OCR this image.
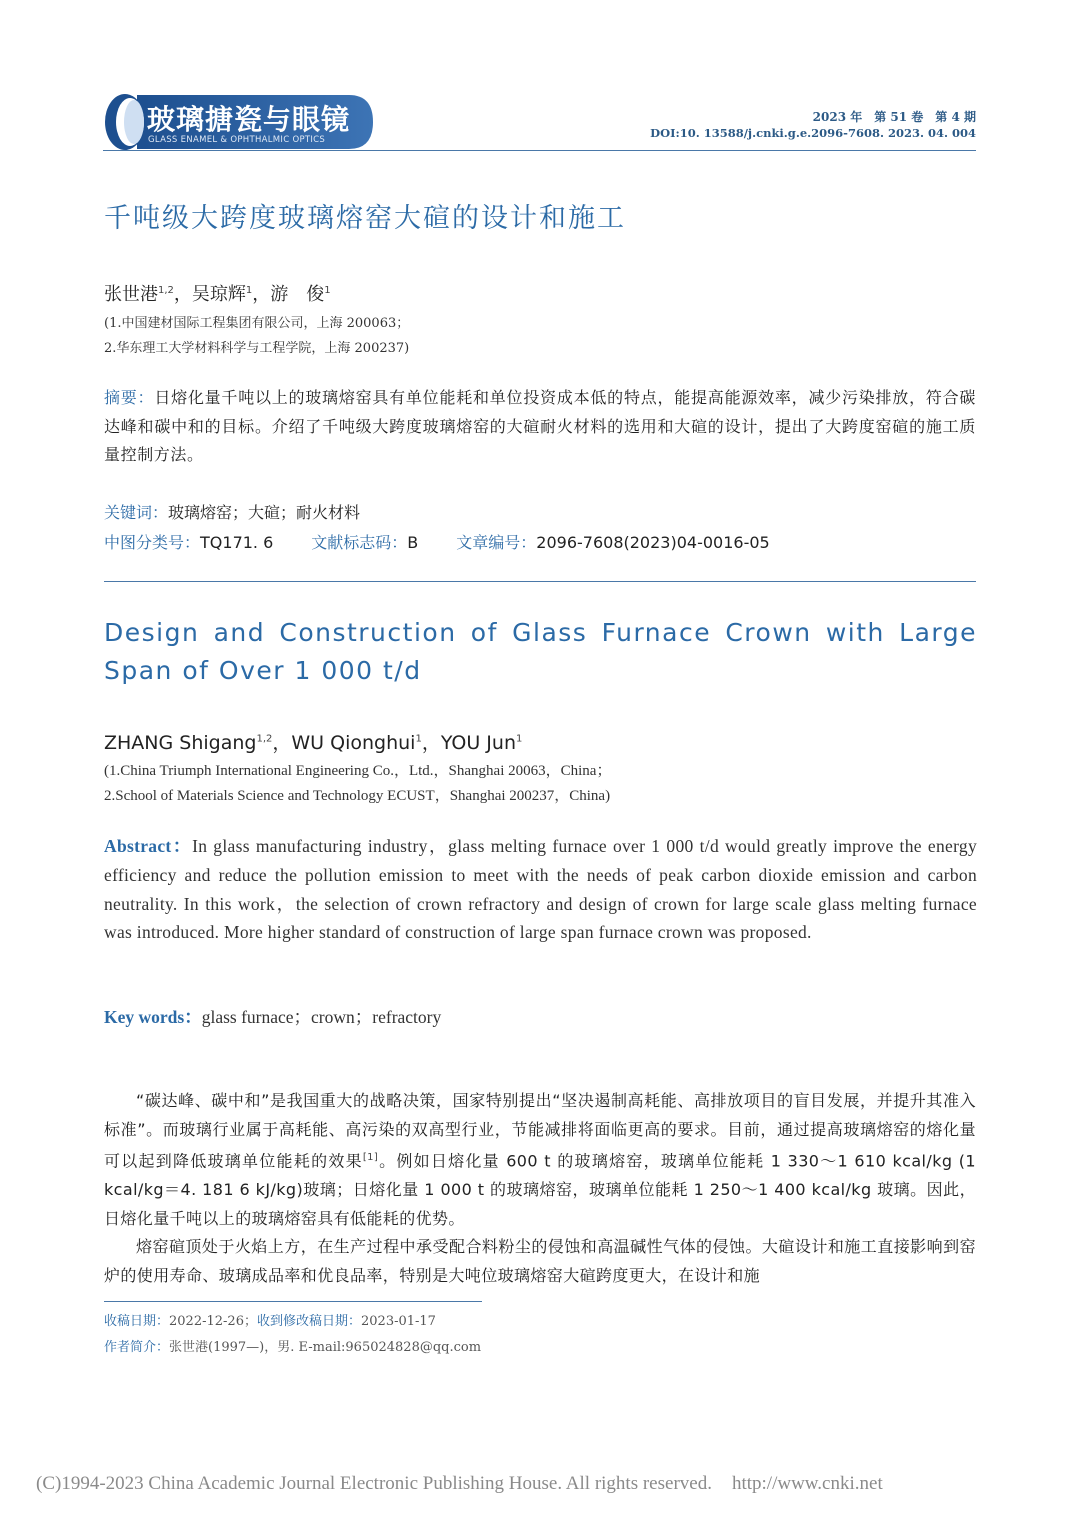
玻璃搪瓷与眼镜
GLASS ENAMEL & OPHTHALMIC OPTICS
2023 年　第 51 卷　第 4 期
DOI:10. 13588/j.cnki.g.e.2096-7608. 2023. 04. 004
千吨级大跨度玻璃熔窑大碹的设计和施工
张世港$^{1,2}$，吴琼辉$^1$，游　俊$^1$
(1.中国建材国际工程集团有限公司，上海 200063；
2.华东理工大学材料科学与工程学院，上海 200237)
摘要：日熔化量千吨以上的玻璃熔窑具有单位能耗和单位投资成本低的特点，能提高能源效率，减少污染排放，符合碳达峰和碳中和的目标。介绍了千吨级大跨度玻璃熔窑的大碹耐火材料的选用和大碹的设计，提出了大跨度窑碹的施工质量控制方法。
关键词：玻璃熔窑；大碹；耐火材料
中图分类号：TQ171. 6 文献标志码：B 文章编号：2096-7608(2023)04-0016-05
Design and Construction of Glass Furnace Crown with Large Span of Over 1 000 t/d
ZHANG Shigang$^{1,2}$，WU Qionghui$^1$，YOU Jun$^1$
(1.China Triumph International Engineering Co.，Ltd.，Shanghai 20063，China；
2.School of Materials Science and Technology ECUST，Shanghai 200237，China)
Abstract：In glass manufacturing industry，glass melting furnace over 1 000 t/d would greatly improve the energy efficiency and reduce the pollution emission to meet with the needs of peak carbon dioxide emission and carbon neutrality. In this work，the selection of crown refractory and design of crown for large scale glass melting furnace was introduced. More higher standard of construction of large span furnace crown was proposed.
Key words：glass furnace；crown；refractory

“碳达峰、碳中和”是我国重大的战略决策，国家特别提出“坚决遏制高耗能、高排放项目的盲目发展，并提升其准入标准”。而玻璃行业属于高耗能、高污染的双高型行业，节能减排将面临更高的要求。目前，通过提高玻璃熔窑的熔化量可以起到降低玻璃单位能耗的效果[1]。例如日熔化量 600 t 的玻璃熔窑，玻璃单位能耗 1 330～1 610 kcal/kg (1 kcal/kg＝4. 181 6 kJ/kg)玻璃；日熔化量 1 000 t 的玻璃熔窑，玻璃单位能耗 1 250～1 400 kcal/kg 玻璃。因此，日熔化量千吨以上的玻璃熔窑具有低能耗的优势。

熔窑碹顶处于火焰上方，在生产过程中承受配合料粉尘的侵蚀和高温碱性气体的侵蚀。大碹设计和施工直接影响到窑炉的使用寿命、玻璃成品率和优良品率，特别是大吨位玻璃熔窑大碹跨度更大，在设计和施

收稿日期：2022-12-26；收到修改稿日期：2023-01-17
作者简介：张世港(1997—)，男. E-mail:965024828@qq.com
(C)1994-2023 China Academic Journal Electronic Publishing House. All rights reserved. http://www.cnki.net
